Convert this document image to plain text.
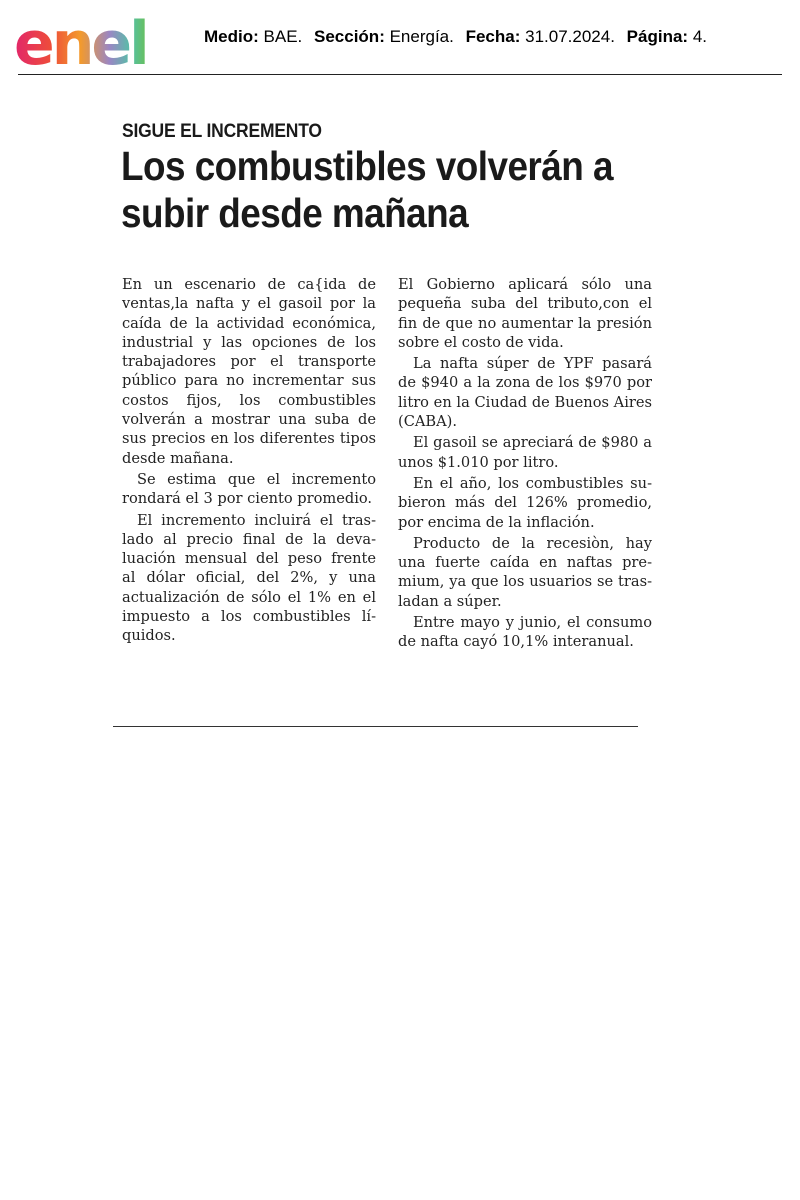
enel	Medio: BAE. Sección: Energía. Fecha: 31.07.2024. Página: 4.
SIGUE EL INCREMENTO
Los combustibles volverán a subir desde mañana

En un escenario de ca{ida de ventas,la nafta y el gasoil por la caída de la actividad económica, industrial y las opciones de los trabajadores por el transporte público para no incrementar sus costos fijos, los combustibles volverán a mostrar una suba de sus precios en los diferentes tipos desde mañana.

Se estima que el incremento rondará el 3 por ciento promedio.

El incremento incluirá el traslado al precio final de la devaluación mensual del peso frente al dólar oficial, del 2%, y una actualización de sólo el 1% en el impuesto a los combustibles líquidos.

El Gobierno aplicará sólo una pequeña suba del tributo,con el fin de que no aumentar la presión sobre el costo de vida.

La nafta súper de YPF pasará de $940 a la zona de los $970 por litro en la Ciudad de Buenos Aires (CABA).

El gasoil se apreciará de $980 a unos $1.010 por litro.

En el año, los combustibles subieron más del 126% promedio, por encima de la inflación.

Producto de la recesiòn, hay una fuerte caída en naftas premium, ya que los usuarios se trasladan a súper.

Entre mayo y junio, el consumo de nafta cayó 10,1% interanual.
